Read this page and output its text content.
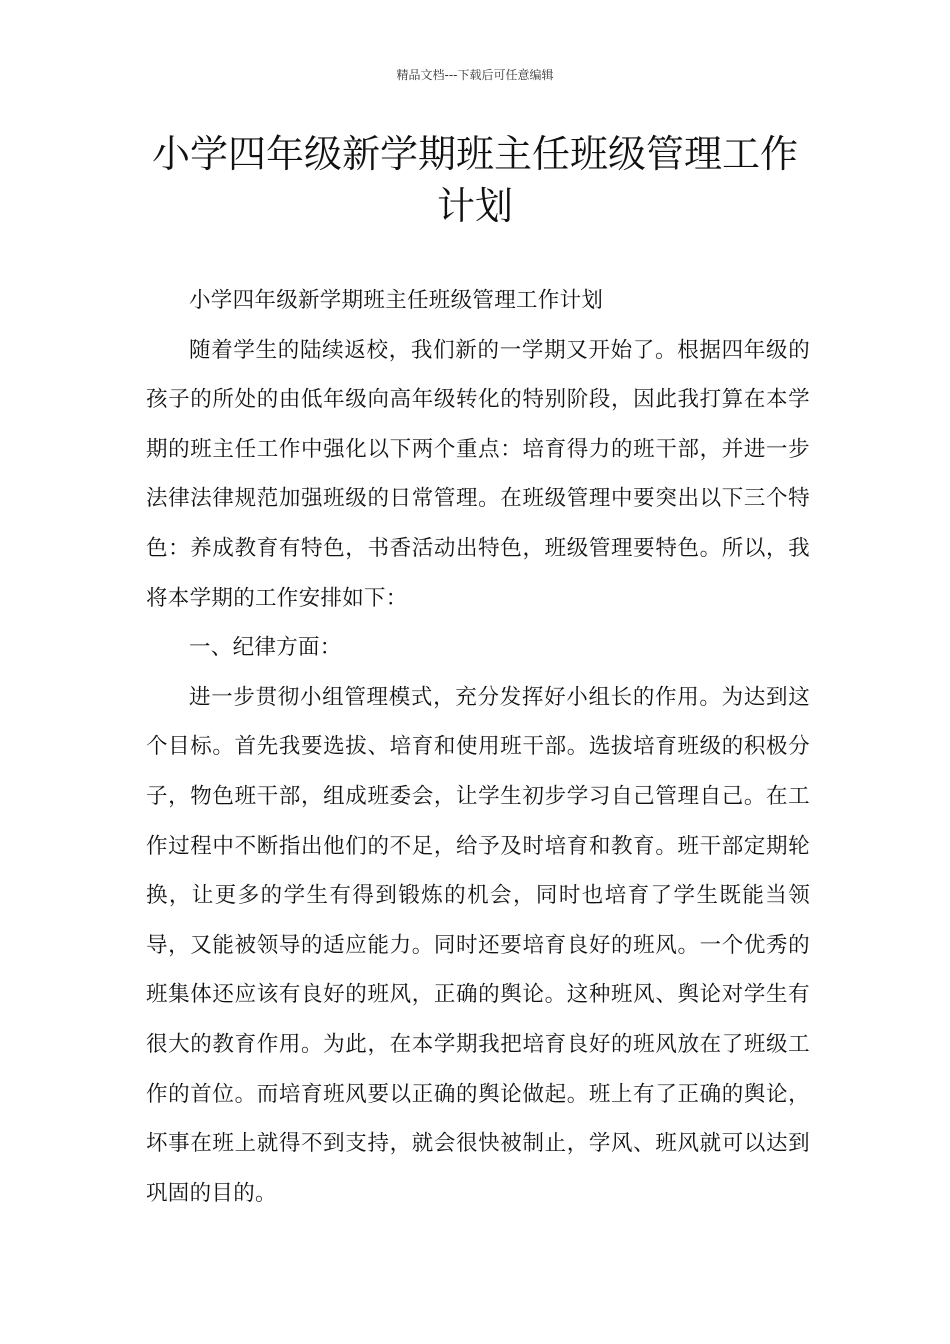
精品文档---下载后可任意编辑
小学四年级新学期班主任班级管理工作
计划

小学四年级新学期班主任班级管理工作计划

随着学生的陆续返校，我们新的一学期又开始了。根据四年级的孩子的所处的由低年级向高年级转化的特别阶段，因此我打算在本学期的班主任工作中强化以下两个重点：培育得力的班干部，并进一步法律法律规范加强班级的日常管理。在班级管理中要突出以下三个特色：养成教育有特色，书香活动出特色，班级管理要特色。所以，我将本学期的工作安排如下：

一、纪律方面：

进一步贯彻小组管理模式，充分发挥好小组长的作用。为达到这个目标。首先我要选拔、培育和使用班干部。选拔培育班级的积极分子，物色班干部，组成班委会，让学生初步学习自己管理自己。在工作过程中不断指出他们的不足，给予及时培育和教育。班干部定期轮换，让更多的学生有得到锻炼的机会，同时也培育了学生既能当领导，又能被领导的适应能力。同时还要培育良好的班风。一个优秀的班集体还应该有良好的班风，正确的舆论。这种班风、舆论对学生有很大的教育作用。为此，在本学期我把培育良好的班风放在了班级工作的首位。而培育班风要以正确的舆论做起。班上有了正确的舆论，坏事在班上就得不到支持，就会很快被制止，学风、班风就可以达到巩固的目的。
